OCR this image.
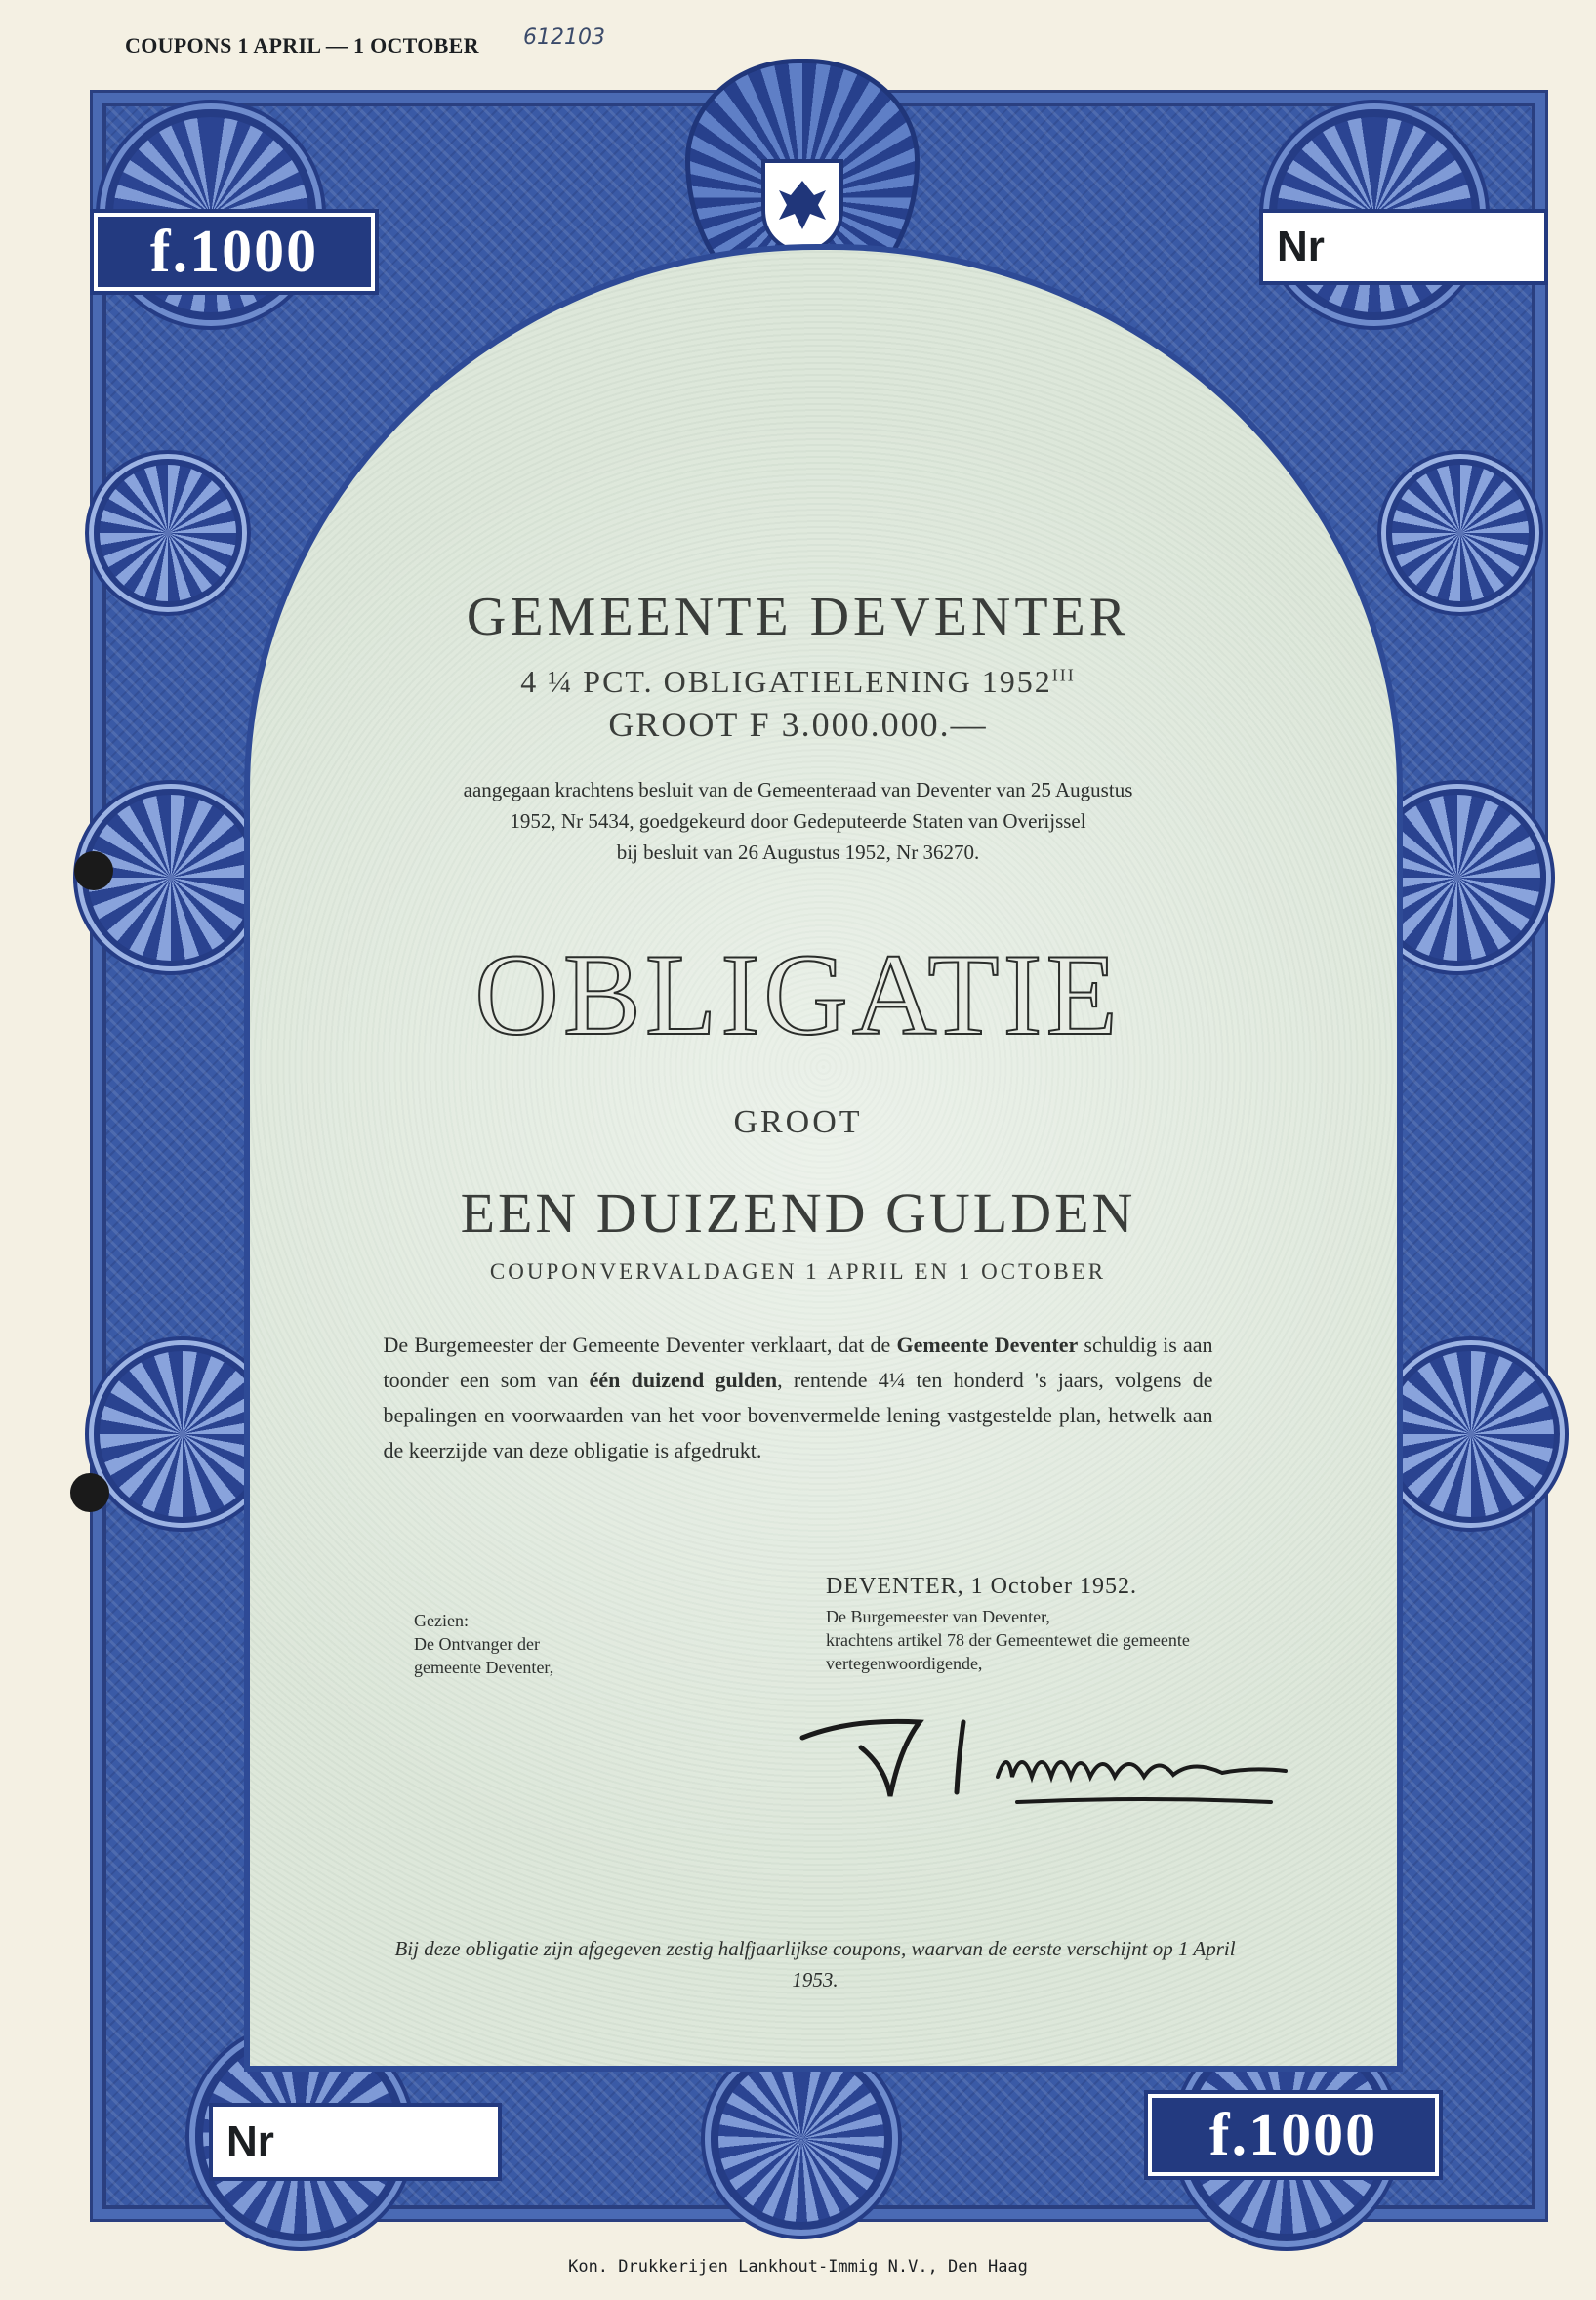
COUPONS 1 APRIL — 1 OCTOBER 612103
f.1000
f.1000
Nr
Nr
GEMEENTE DEVENTER
4 ¼ PCT. OBLIGATIELENING $1952^{III}$
GROOT F 3.000.000.—
aangegaan krachtens besluit van de Gemeenteraad van Deventer van 25 Augustus
1952, Nr 5434, goedgekeurd door Gedeputeerde Staten van Overijssel
bij besluit van 26 Augustus 1952, Nr 36270.
OBLIGATIE
GROOT
EEN DUIZEND GULDEN
COUPONVERVALDAGEN 1 APRIL EN 1 OCTOBER
De Burgemeester der Gemeente Deventer verklaart, dat de Gemeente Deventer schuldig is aan toonder een som van één duizend gulden, rentende 4¼ ten honderd 's jaars, volgens de bepalingen en voorwaarden van het voor bovenvermelde lening vastgestelde plan, hetwelk aan de keerzijde van deze obligatie is afgedrukt.
Gezien:
De Ontvanger der
gemeente Deventer,
DEVENTER, 1 October 1952.
De Burgemeester van Deventer,
krachtens artikel 78 der Gemeentewet die gemeente
vertegenwoordigende,
Bij deze obligatie zijn afgegeven zestig halfjaarlijkse coupons, waarvan de eerste verschijnt op 1 April 1953.
Kon. Drukkerijen Lankhout-Immig N.V., Den Haag
